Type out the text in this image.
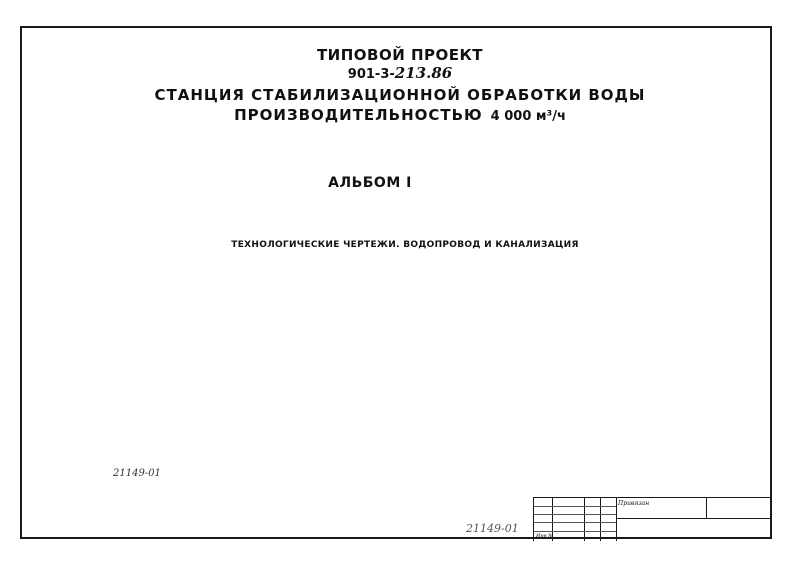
ТИПОВОЙ ПРОЕКТ
901-3-213.86
СТАНЦИЯ СТАБИЛИЗАЦИОННОЙ ОБРАБОТКИ ВОДЫ
ПРОИЗВОДИТЕЛЬНОСТЬЮ 4 000 м³/ч
АЛЬБОМ I
ТЕХНОЛОГИЧЕСКИЕ ЧЕРТЕЖИ. ВОДОПРОВОД И КАНАЛИЗАЦИЯ
21149-01
21149-01
Привязан
Инв №
